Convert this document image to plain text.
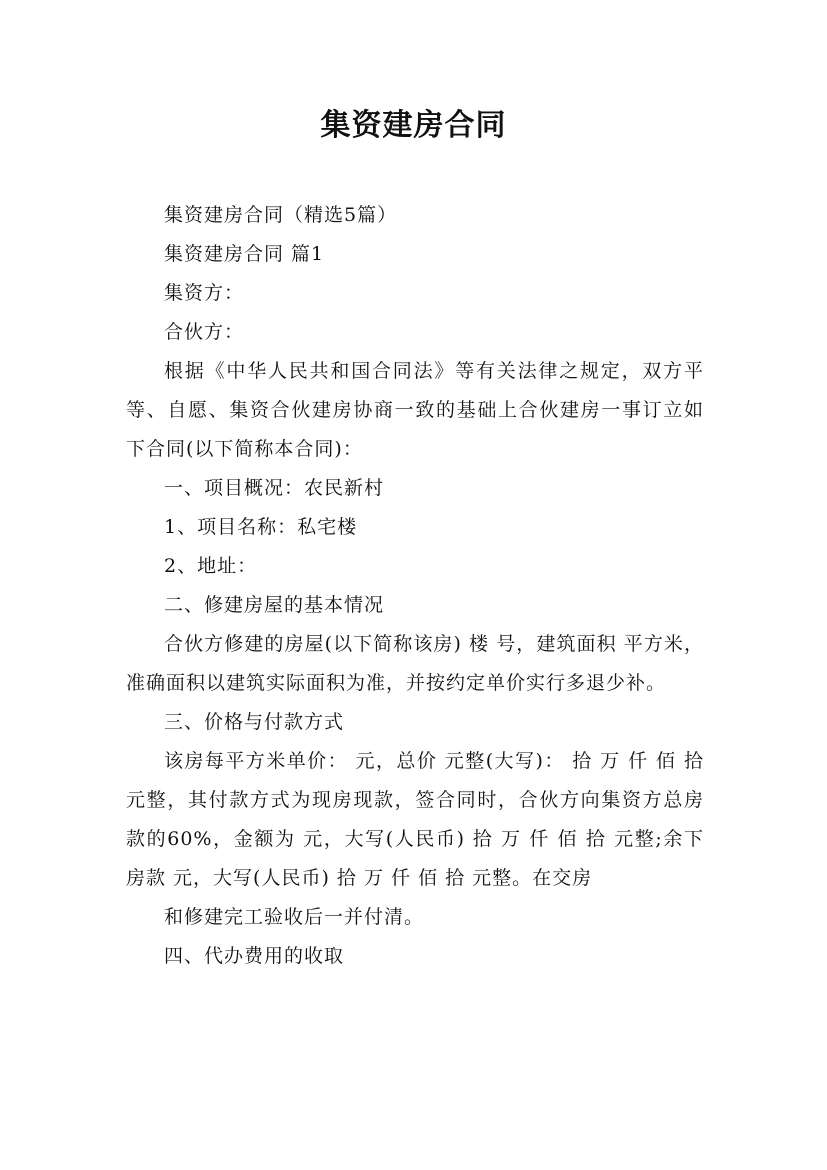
集资建房合同

集资建房合同（精选5篇）

集资建房合同 篇1

集资方：

合伙方：

根据《中华人民共和国合同法》等有关法律之规定，双方平等、自愿、集资合伙建房协商一致的基础上合伙建房一事订立如下合同(以下简称本合同)：

一、项目概况：农民新村

1、项目名称：私宅楼

2、地址：

二、修建房屋的基本情况

合伙方修建的房屋(以下简称该房) 楼 号，建筑面积 平方米，准确面积以建筑实际面积为准，并按约定单价实行多退少补。

三、价格与付款方式

该房每平方米单价： 元，总价 元整(大写)： 拾 万 仟 佰 拾 元整，其付款方式为现房现款，签合同时，合伙方向集资方总房款的60%，金额为 元，大写(人民币) 拾 万 仟 佰 拾 元整;余下房款 元，大写(人民币) 拾 万 仟 佰 拾 元整。在交房

和修建完工验收后一并付清。

四、代办费用的收取
